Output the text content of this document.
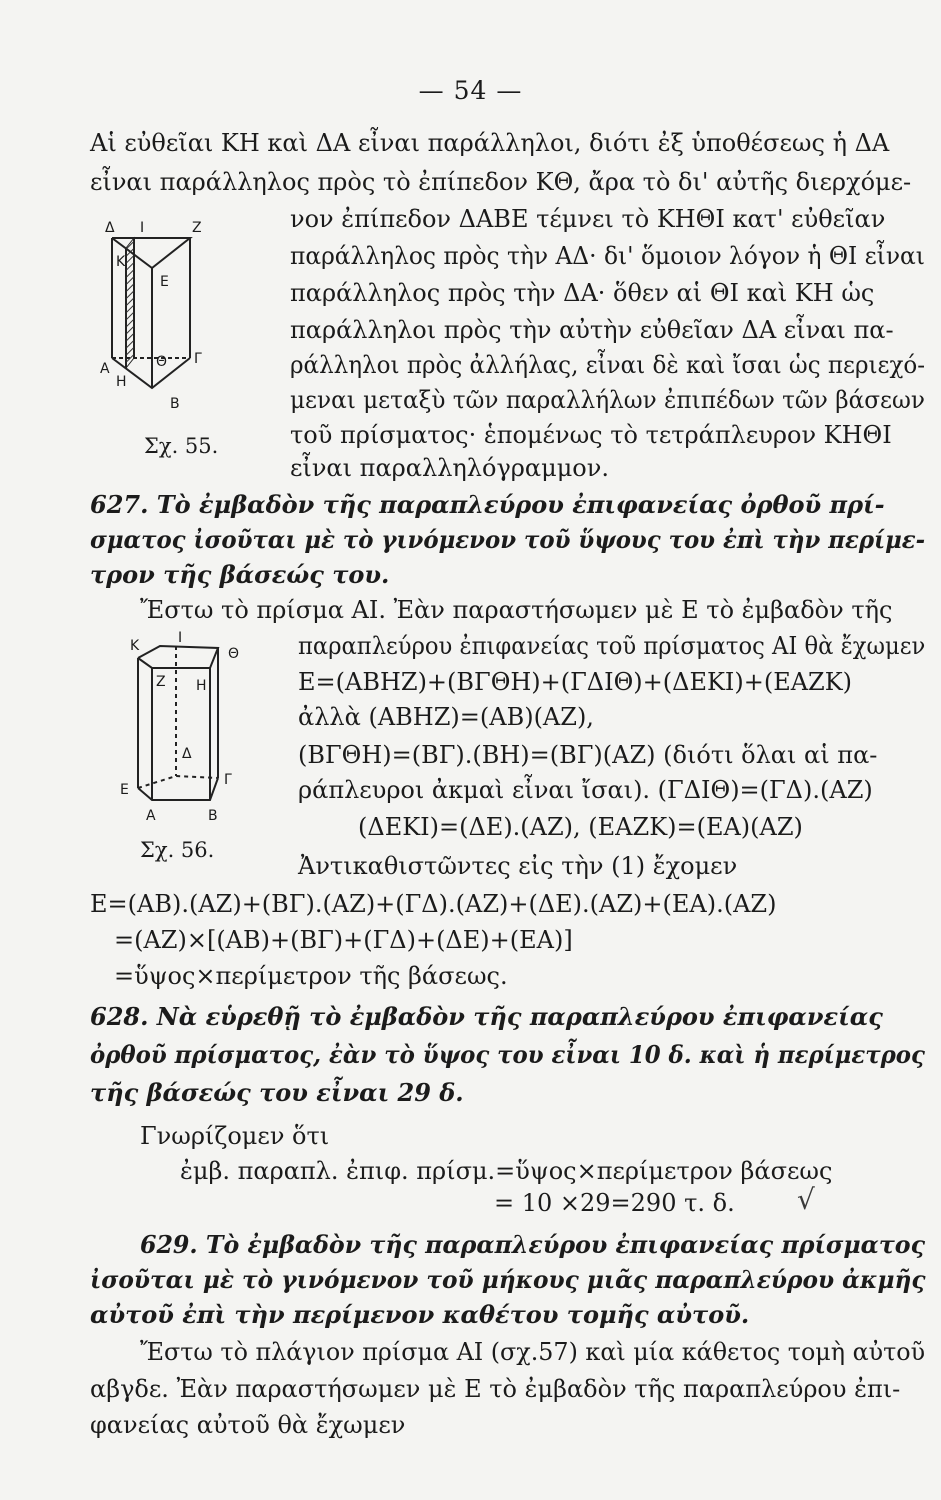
— 54 —
Αἱ εὐθεῖαι ΚΗ καὶ ΔΑ εἶναι παράλληλοι, διότι ἐξ ὑποθέσεως ἡ ΔΑ
εἶναι παράλληλος πρὸς τὸ ἐπίπεδον ΚΘ, ἄρα τὸ δι' αὐτῆς διερχόμε-
νον ἐπίπεδον ΔΑΒΕ τέμνει τὸ ΚΗΘΙ κατ' εὐθεῖαν
παράλληλος πρὸς τὴν ΑΔ· δι' ὅμοιον λόγον ἡ ΘΙ εἶναι
παράλληλος πρὸς τὴν ΔΑ· ὅθεν αἱ ΘΙ καὶ ΚΗ ὡς
παράλληλοι πρὸς τὴν αὐτὴν εὐθεῖαν ΔΑ εἶναι πα-
ράλληλοι πρὸς ἀλλήλας, εἶναι δὲ καὶ ἴσαι ὡς περιεχό-
μεναι μεταξὺ τῶν παραλλήλων ἐπιπέδων τῶν βάσεων
τοῦ πρίσματος· ἑπομένως τὸ τετράπλευρον ΚΗΘΙ
εἶναι παραλληλόγραμμον.
Δ Ι	Ζ
Κ
Ε
Α
Η
Θ Γ
Β
Σχ. 55.
627. Τὸ ἐμβαδὸν τῆς παραπλεύρου ἐπιφανείας ὀρθοῦ πρί-
σματος ἰσοῦται μὲ τὸ γινόμενον τοῦ ὕψους του ἐπὶ τὴν περίμε-
τρον τῆς βάσεώς του.
Ἔστω τὸ πρίσμα ΑΙ. Ἐὰν παραστήσωμεν μὲ Ε τὸ ἐμβαδὸν τῆς
παραπλεύρου ἐπιφανείας τοῦ πρίσματος ΑΙ θὰ ἔχωμεν
Ε=(ΑΒΗΖ)+(ΒΓΘΗ)+(ΓΔΙΘ)+(ΔΕΚΙ)+(ΕΑΖΚ)
ἀλλὰ (ΑΒΗΖ)=(ΑΒ)(ΑΖ),
(ΒΓΘΗ)=(ΒΓ).(ΒΗ)=(ΒΓ)(ΑΖ) (διότι ὅλαι αἱ πα-
ράπλευροι ἀκμαὶ εἶναι ἴσαι). (ΓΔΙΘ)=(ΓΔ).(ΑΖ)
(ΔΕΚΙ)=(ΔΕ).(ΑΖ), (ΕΑΖΚ)=(ΕΑ)(ΑΖ)
Ἀντικαθιστῶντες εἰς τὴν (1) ἔχομεν
Ε=(ΑΒ).(ΑΖ)+(ΒΓ).(ΑΖ)+(ΓΔ).(ΑΖ)+(ΔΕ).(ΑΖ)+(ΕΑ).(ΑΖ)
=(ΑΖ)×[(ΑΒ)+(ΒΓ)+(ΓΔ)+(ΔΕ)+(ΕΑ)]
=ὕψος×περίμετρον τῆς βάσεως.
Κ	Ι
Θ
Ζ Η
Δ
Ε
Γ
Α	Β
Σχ. 56.
628. Νὰ εὑρεθῇ τὸ ἐμβαδὸν τῆς παραπλεύρου ἐπιφανείας
ὀρθοῦ πρίσματος, ἐὰν τὸ ὕψος του εἶναι 10 δ. καὶ ἡ περίμετρος
τῆς βάσεώς του εἶναι 29 δ.
Γνωρίζομεν ὅτι
ἐμβ. παραπλ. ἐπιφ. πρίσμ.=ὕψος×περίμετρον βάσεως
= 10 ×29=290 τ. δ. √
629. Τὸ ἐμβαδὸν τῆς παραπλεύρου ἐπιφανείας πρίσματος
ἰσοῦται μὲ τὸ γινόμενον τοῦ μήκους μιᾶς παραπλεύρου ἀκμῆς
αὐτοῦ ἐπὶ τὴν περίμενον καθέτου τομῆς αὐτοῦ.
Ἔστω τὸ πλάγιον πρίσμα ΑΙ (σχ.57) καὶ μία κάθετος τομὴ αὐτοῦ
αβγδε. Ἐὰν παραστήσωμεν μὲ Ε τὸ ἐμβαδὸν τῆς παραπλεύρου ἐπι-
φανείας αὐτοῦ θὰ ἔχωμεν
